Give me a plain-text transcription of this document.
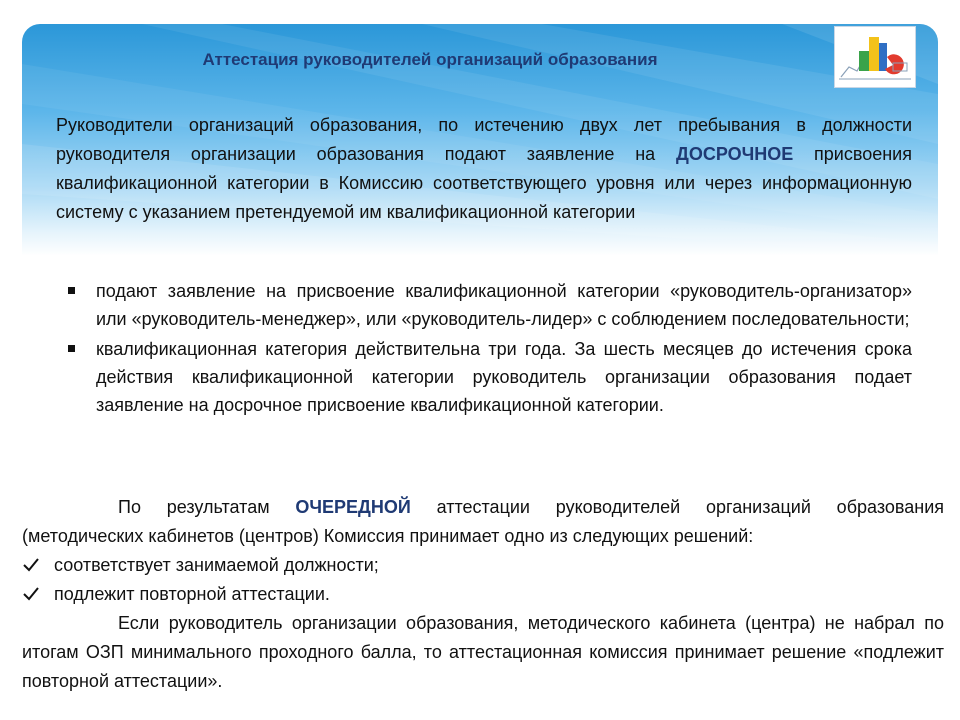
Аттестация руководителей организаций образования
Руководители организаций образования, по истечению двух лет пребывания в должности руководителя организации образования подают заявление на ДОСРОЧНОЕ присвоения квалификационной категории в Комиссию соответствующего уровня или через информационную систему с указанием претендуемой им квалификационной категории
подают заявление на присвоение квалификационной категории «руководитель-организатор» или «руководитель-менеджер», или «руководитель-лидер» с соблюдением последовательности;
квалификационная категория действительна три года. За шесть месяцев до истечения срока действия квалификационной категории руководитель организации образования подает заявление на досрочное присвоение квалификационной категории.

По результатам ОЧЕРЕДНОЙ аттестации руководителей организаций образования (методических кабинетов (центров) Комиссия принимает одно из следующих решений:

соответствует занимаемой должности;
подлежит повторной аттестации.

Если руководитель организации образования, методического кабинета (центра) не набрал по итогам ОЗП минимального проходного балла, то аттестационная комиссия принимает решение «подлежит повторной аттестации».
